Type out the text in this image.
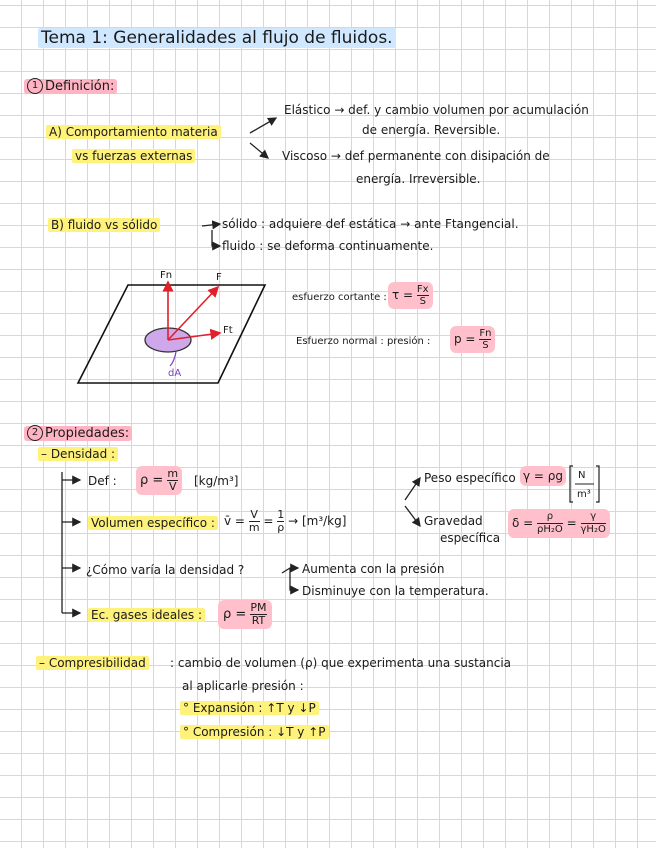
Tema 1: Generalidades al flujo de fluidos.
1 Definición:
A) Comportamiento materia
vs fuerzas externas
Elástico → def. y cambio volumen por acumulación
de energía. Reversible.
Viscoso → def permanente con disipación de
energía. Irreversible.
B) fluido vs sólido	sólido : adquiere def estática → ante Ftangencial.
fluido : se deforma continuamente.
Fn	F
Ft
dA
esfuerzo cortante : $\tau = \frac{Fx}{S}$
Esfuerzo normal : presión :	$p = \frac{Fn}{S}$
2 Propiedades:
– Densidad :
Def :	$\rho = \frac{m}{V} [kg/m^3]$	Peso específico γ = ρg	N
m³
Volumen específico : v̄ = $\frac{V}{m} = \frac{1}{\rho} \to [m^3/kg]$	Gravedad
específica
$\delta = \frac{\rho}{\text{ρH₂O}} = \frac{\gamma}{\text{γH₂O}}$
¿Cómo varía la densidad ?	Aumenta con la presión
Disminuye con la temperatura.
Ec. gases ideales :	$\rho = \frac{PM}{RT}$
– Compresibilidad : cambio de volumen (ρ) que experimenta una sustancia
al aplicarle presión :
° Expansión : ↑T y ↓P
° Compresión : ↓T y ↑P
